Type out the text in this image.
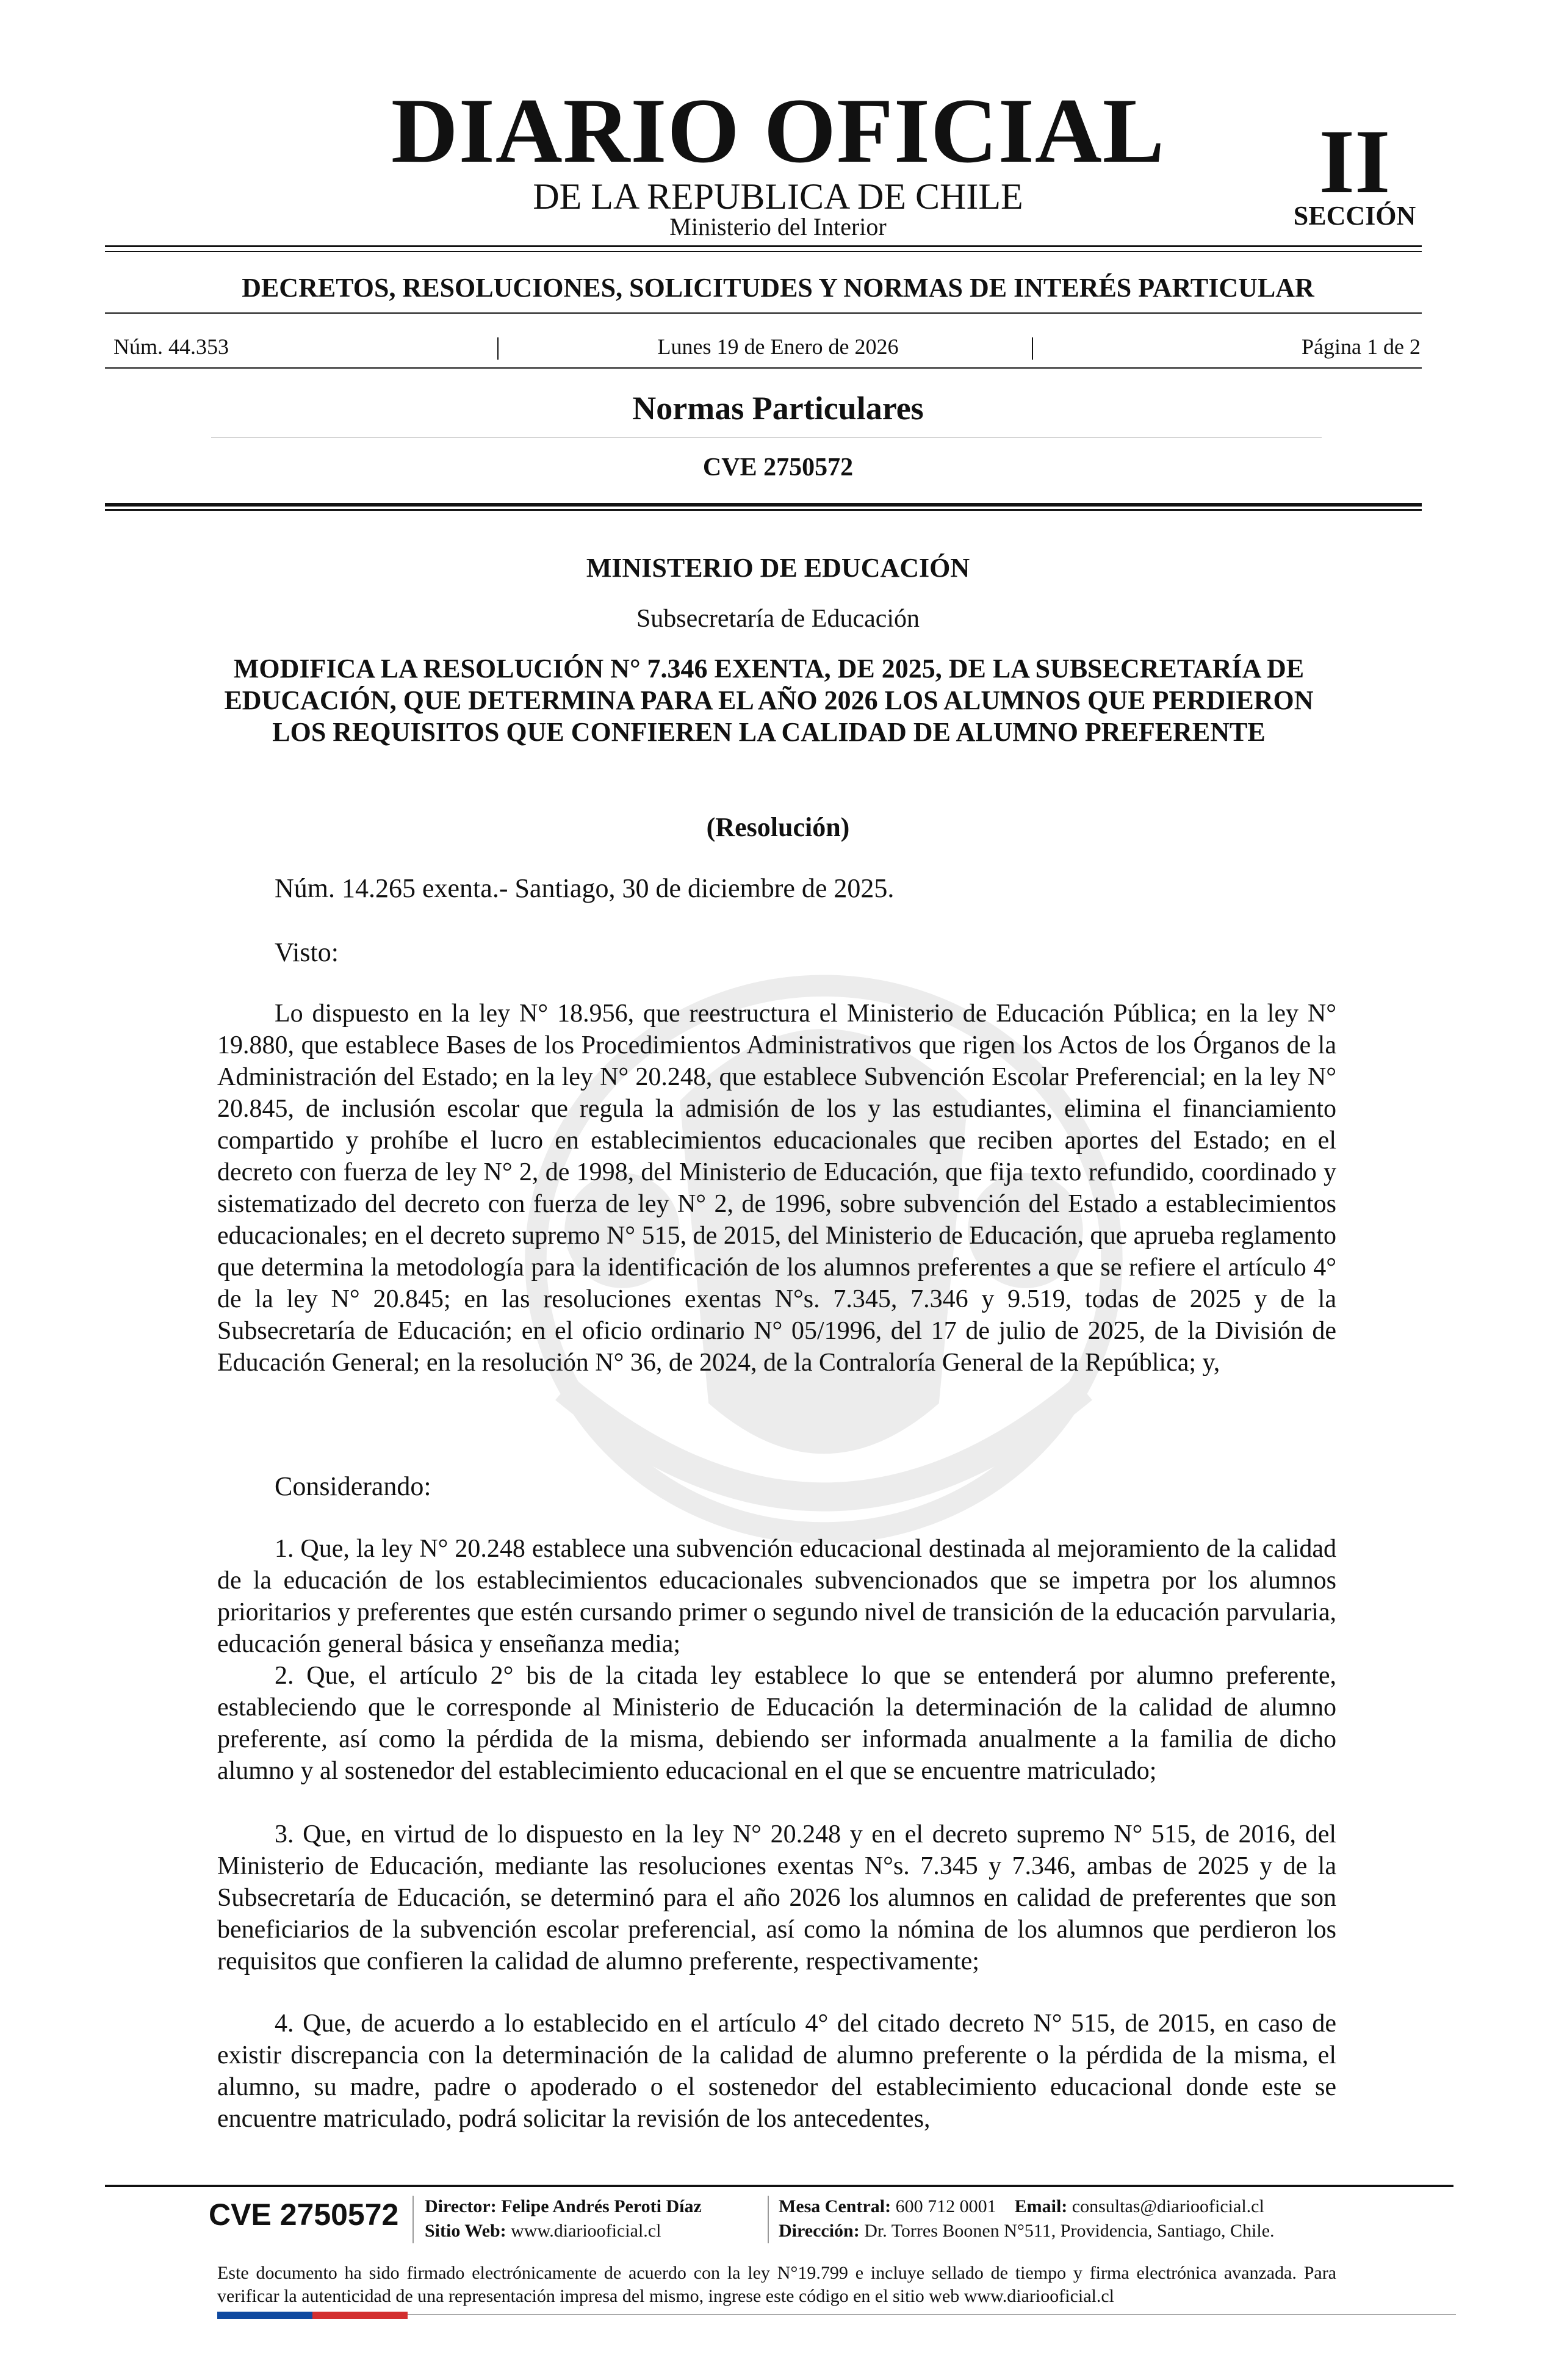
DIARIO OFICIAL
DE LA REPUBLICA DE CHILE
Ministerio del Interior
II
SECCIÓN
DECRETOS, RESOLUCIONES, SOLICITUDES Y NORMAS DE INTERÉS PARTICULAR
Núm. 44.353	|	Lunes 19 de Enero de 2026	|	Página 1 de 2
Normas Particulares
CVE 2750572
MINISTERIO DE EDUCACIÓN
Subsecretaría de Educación
MODIFICA LA RESOLUCIÓN N° 7.346 EXENTA, DE 2025, DE LA SUBSECRETARÍA DE EDUCACIÓN, QUE DETERMINA PARA EL AÑO 2026 LOS ALUMNOS QUE PERDIERON LOS REQUISITOS QUE CONFIEREN LA CALIDAD DE ALUMNO PREFERENTE
(Resolución)
Núm. 14.265 exenta.- Santiago, 30 de diciembre de 2025.
Visto:
Lo dispuesto en la ley N° 18.956, que reestructura el Ministerio de Educación Pública; en la ley N° 19.880, que establece Bases de los Procedimientos Administrativos que rigen los Actos de los Órganos de la Administración del Estado; en la ley N° 20.248, que establece Subvención Escolar Preferencial; en la ley N° 20.845, de inclusión escolar que regula la admisión de los y las estudiantes, elimina el financiamiento compartido y prohíbe el lucro en establecimientos educacionales que reciben aportes del Estado; en el decreto con fuerza de ley N° 2, de 1998, del Ministerio de Educación, que fija texto refundido, coordinado y sistematizado del decreto con fuerza de ley N° 2, de 1996, sobre subvención del Estado a establecimientos educacionales; en el decreto supremo N° 515, de 2015, del Ministerio de Educación, que aprueba reglamento que determina la metodología para la identificación de los alumnos preferentes a que se refiere el artículo 4° de la ley N° 20.845; en las resoluciones exentas N°s. 7.345, 7.346 y 9.519, todas de 2025 y de la Subsecretaría de Educación; en el oficio ordinario N° 05/1996, del 17 de julio de 2025, de la División de Educación General; en la resolución N° 36, de 2024, de la Contraloría General de la República; y,
Considerando:
1. Que, la ley N° 20.248 establece una subvención educacional destinada al mejoramiento de la calidad de la educación de los establecimientos educacionales subvencionados que se impetra por los alumnos prioritarios y preferentes que estén cursando primer o segundo nivel de transición de la educación parvularia, educación general básica y enseñanza media;
2. Que, el artículo 2° bis de la citada ley establece lo que se entenderá por alumno preferente, estableciendo que le corresponde al Ministerio de Educación la determinación de la calidad de alumno preferente, así como la pérdida de la misma, debiendo ser informada anualmente a la familia de dicho alumno y al sostenedor del establecimiento educacional en el que se encuentre matriculado;
3. Que, en virtud de lo dispuesto en la ley N° 20.248 y en el decreto supremo N° 515, de 2016, del Ministerio de Educación, mediante las resoluciones exentas N°s. 7.345 y 7.346, ambas de 2025 y de la Subsecretaría de Educación, se determinó para el año 2026 los alumnos en calidad de preferentes que son beneficiarios de la subvención escolar preferencial, así como la nómina de los alumnos que perdieron los requisitos que confieren la calidad de alumno preferente, respectivamente;
4. Que, de acuerdo a lo establecido en el artículo 4° del citado decreto N° 515, de 2015, en caso de existir discrepancia con la determinación de la calidad de alumno preferente o la pérdida de la misma, el alumno, su madre, padre o apoderado o el sostenedor del establecimiento educacional donde este se encuentre matriculado, podrá solicitar la revisión de los antecedentes,
CVE 2750572 Director: Felipe Andrés Peroti Díaz
Sitio Web: www.diariooficial.cl
Mesa Central: 600 712 0001 Email: consultas@diariooficial.cl
Dirección: Dr. Torres Boonen N°511, Providencia, Santiago, Chile.
Este documento ha sido firmado electrónicamente de acuerdo con la ley N°19.799 e incluye sellado de tiempo y firma electrónica avanzada. Para verificar la autenticidad de una representación impresa del mismo, ingrese este código en el sitio web www.diariooficial.cl
